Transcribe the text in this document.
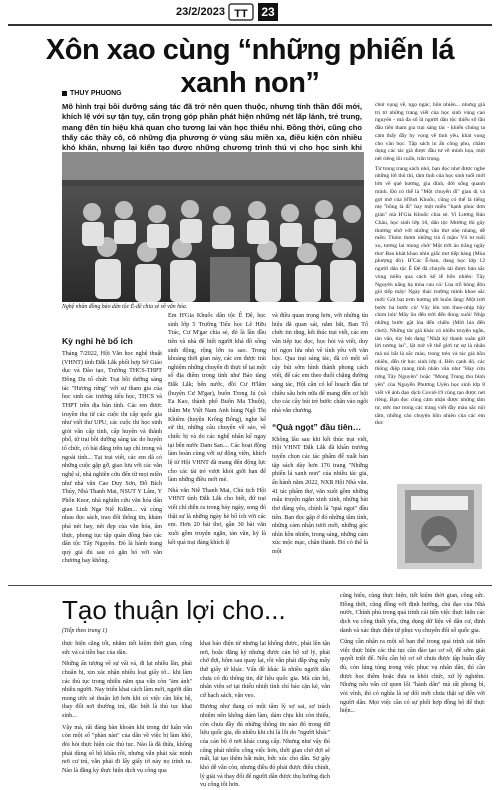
23/2/2023 TT 23
Xôn xao cùng “những phiến lá xanh non”
THUY PHUONG
Mô hình trại bồi dưỡng sáng tác đã trở nên quen thuộc, nhưng tính thần đổi mới, khích lệ với sự tận tụy, cẩn trọng góp phần phát hiện những nét lấp lánh, trẻ trung, mang đến tín hiệu khả quan cho tương lai văn học thiếu nhi. Đồng thời, cũng cho thấy các thầy cô, cô những địa phương ở vùng sâu miền xa, điều kiện còn nhiều khó khăn, nhưng lại kiến tạo được những chương trình thú vị cho học sinh khi
Nghệ nhân đồng bào dân tộc Ê-đê chia sẻ về văn hóa.
Kỳ nghỉ hè bổ ích
Tháng 7/2022, Hội Văn học nghệ thuật (VHNT) tỉnh Đắk Lắk phối hợp Sở Giáo dục và Đào tạo, Trường THCS-THPT Đông Du tổ chức Trại bồi dưỡng sáng tác "Hương rừng" với sự tham gia của học sinh các trường tiểu học, THCS và THPT trên địa bàn tỉnh. Các em được truyền thụ từ các cuộc thi cấp quốc gia như viết thư UPU, các cuộc thi học sinh giỏi văn cấp tỉnh, cấp huyện và thành phố, từ trại bồi dưỡng sáng tác do huyện tổ chức, có bài đăng trên tạp chí trong và ngoài tỉnh... Tại trại viết, các em đã có những cuộc gặp gỡ, giao lưu với các văn nghệ sĩ, nhà nghiên cứu đến từ mọi miền như nhà văn Cao Duy Sơn, Đỗ Bích Thúy, Nhà Thanh Mai, NSUT Y Lâm, Y Phôn Knor, nhà nghiên cứu văn hóa dân gian Linh Nga Niê Kdăm... và cùng nhau đọc sách, trao đổi thông tin, khám phá nét hay, nét đẹp của văn hóa, âm thực, phong tục tập quán đồng bào các dân tộc Tây Nguyên. Đó là hành trang quý giá đủ sau có gắn bó với văn chương hay không.
Em H'Gia Khuốc dân tộc Ê Đê, học sinh lớp 5 Trường Tiểu học Lê Hữu Trác, Cư M'gar chia sẻ, đó là lần đầu tiên và nhà để biết người khá đồ sống sinh động, rộng lớn ra sao. Trong khoảng thời gian này, các em được trải nghiệm những chuyến đi thực tế tại một số địa điểm trong tỉnh như Bảo tàng Đắk Lắk; bến nước, đồi Cư H'lăm (huyện Cư M'gar), buôn Trong Jú (xã Ea Kao, thành phố Buôn Ma Thuột), thăm Mẹ Việt Nam Anh hùng Ngô Thị Khiêm (huyện Krông Bông), nghe kể sử thi, những câu chuyện về sáo, về chiếc bị và do các nghệ nhân kể ngay tại bến nước Dam San.... Các hoạt động làm hoàn cùng với sự động viên, khích lệ từ Hội VHNT đã mang đến động lực cho các tài trẻ vượt khỏi giới hạn để làm những điều mới mẻ.
Nhà văn Niê Thanh Mai, Chủ tịch Hội VHNT tỉnh Đắk Lắk cho biết, đứ trại viết chỉ diễn ra trong bảy ngày, song đó thật sự là những ngày hè bổ ích với các em. Hơn 20 bài thơ, gần 30 bài văn xuôi gồm truyện ngắn, tản văn, ký là kết quả trại đáng khích lệ
và điều quan trọng hơn, với những tín hiệu đã quan sát, nắm bắt, Ban Tổ chức tin rằng, kết thúc trại viết, các em vẫn tiếp tục đọc, học hỏi và viết, duy trì ngọn lửa nhỏ về tình yêu với văn học. Qua trại sáng tác, đã có một số cây bút sớm hình thành phong cách viết, để các em theo đuổi chặng đường sáng tác, Hội cần có kế hoạch đầu tư chiều sâu hơn nữa để mang đến cơ hội cho các cây bút trẻ bước chân vào ngôi nhà văn chương.
“Quả ngọt” đầu tiên…
Không lâu sau khi kết thúc trại viết, Hội VHNT Đắk Lắk đã khẩn trương tuyển chọn các tác phẩm để xuất bản tập sách dày hơn 176 trang "Những phiến lá xanh non" của nhiều tác giả, ấn hành năm 2022, NXB Hội Nhà văn. 41 tác phẩm thơ, văn xuôi gồm những mẫu truyện ngắn xinh xinh, những bài thơ đáng yêu, chính là "quả ngọt" đầu tiên. Bạn đọc gặp ở đó những tâm tình, những cảm nhận tươi mới, những góc nhìn hồn nhiên, trong sáng, những cảm xúc mộc mạc, chân thành. Đó có thể là một
chút vụng về, ngọ ngác, hồn nhiên... nhưng giá trị từ những trang viết của học sinh vùng cao nguyên - mà đa số là người dân tộc thiểu số lần đầu tiên tham gia trại sáng tác - khiến chúng ta cảm thấy đầy hy vọng về tình yêu, khát vọng cho văn học. Tập sách in ấn công phu, chăm dụng các tác giả được đầu tư về minh họa, một nét riêng lôi cuốn, trân trọng.
Từ trong trang sách nhỏ, bạn đọc như được nghe những lời thủ thỉ, tâm tình của học sinh tuổi mới lớn về quê hương, gia đình, đời sống quanh mình. Đó có thể là "Một chuyến đi" gian dị và gợi mở của H'Bưi Khuốc, cũng có thể là tiếng mẹ "bồng là đi" hay một miền "hạnh phúc đơn giản" mà H'Gia Khuốc chia sẻ. Vi Lương Bảo Châu, học sinh lớp 10, dân tộc Mường thì gây thương nhớ với những vần thơ nhẹ nhàng, dễ mến: Thôm thơm những trá ố mặn/ Vô tư tuổi xu, tương lai mong chờ/ Một trời áo trắng ngây thơ/ Bao khát khao nhìn giấc mơ tiếp hàng (Mùa phượng đỏ). H'Cúc Ê-ban, đang học lớp 12 người dân tộc Ê Đê đã chuyển tải được bản sắc vùng miền qua cách kể lể bốn nhiên: Tây Nguyên nắng hạ mùa cau có/ Lúa trổ bông đòn gió tiếp mây/ Ngày thác trường mình khoe sắc mới/ Gót bạt trơn hương tới buôn làng/ Một trời bước ba bước cỏ/ Vây lên tơn thuo-nhịp bầy chim hót/ Mây ồn đến trời đến đong xuôi/ Nhịp những bước gặt lúa đến chiều (Mời lúa đến chơi). Những tác giả khác có nhiều truyện ngắn, tản văn, tùy bút đang "Nhặt ký thanh xuân giữ lời tương lai", lật mở về thế giới tự sự là nhân mà nó bắt là sắc màu, trong trẻo và tác giả hồn nhiên, đến từ học sinh lớp 4. Bên cạnh đó, các thông điệp mang tính nhân văn như "Hay cứu rừng Tây Nguyên" hoặc "Mong Trung thu bình yên" của Nguyễn Phương Uyên học sinh lớp 8 viết về ánh đạo dịch Covid-19 cũng tạo được nét riêng. Bạn đọc cũng cảm nhận được những tâm tư, ước mơ trong các trang viết đầy màu sắc nội tâm, những câu chuyện hồn nhiên của các em thơ.
Tạo thuận lợi cho...
(Tiếp theo trang 1)
thực hiện căng tốt, nhằm tiết kiệm thời gian, công sức và cả tiền bạc của dân.
Những ấn tượng về sự vất vả, đi lại nhiều lần, phải chuẩn bị, xin xác nhận nhiều loại giấy tờ... khi làm các thủ tục trong nhiều năm qua vẫn còn "ám ảnh" nhiều người. Nay triển khai cách làm mới, người dân mong ước sẽ thuận lợi hơn khi có việc cần liên hệ, thay đổi nơi thường trú, đặc biệt là thủ tục khai sinh...
Vậy mà, rất đáng bàn khoản khi trong dư luận vẫn còn một số "phàn nàn" của dân về việc bị làm khó, đòi hỏi thực hiện các thủ tục. Nào là đã thừa, không phải dùng số hộ khẩu rồi, nhưng vẫn phải xác minh nơi cư trú, vẫn phải đi lấy giấy tờ này nọ trình ra. Nào là đăng ký thực hiện dịch vụ công qua
khai báo điện tử nhưng lại không được, phải lên tận nơi, hoặc đăng ký nhưng được cán bộ xử lý, phải chờ đợi, hôm sau quay lại, rồi vẫn phải đắp ứng mấy thứ giấy tờ khác. Vấn đề khác là nhiều người dân chưa có đủ thông tin, dữ liệu quốc gia. Mà cán bộ, nhân viên sơ tại thiếu nhiệt tình chỉ bảo cặn kẽ, vẫn cứ hạch sách, vặn vẹo.
Đương như đang có một tâm lý sợ sai, sợ trách nhiệm nên không dám làm, dám chịu khi còn thiếu, còn chưa đầy đủ những thông tin nào đó trong dữ liệu quốc gia, dù nhiều khi chỉ là lỗi do "người khác" của cán bộ ở nơi khác cung cấp. Nhưng như vậy thì cũng phải nhiều công việc hơn, thời gian chờ đợi sẽ mất, lại tạo thêm bất mãn, bức xúc cho dân. Sự gây khó dễ vẫn còn, nhưng điều đó phải được điều chỉnh, lý giải và thay đổi để người dân được thụ hưởng dịch vụ công tốt hơn.
cũng hiểu, cùng thực hiện, tiết kiệm thời gian, công sức. Đồng thời, cũng đồng với định hướng, chủ đạo của Nhà nước, Chính phủ trong quá trình cải tiến việc thực hiện các dịch vụ công thiết yếu, ứng dụng dữ liệu về dân cư, định danh và xác thực điện tử phục vụ chuyển đổi số quốc gia.
Cũng cần nhận ra một số bạn thể trong quá trình cải tiến việc thực hiện các thủ tục cần đào tạo cơ sở, để sớm giải quyết triệt để. Nếu cần bộ cơ sở chưa được tập huấn đầy đủ, còn lúng túng trong việc phục vụ nhân dân, thì cần được học thêm hoặc đưa ra khỏi chức, xử lý nghiêm. Nhưng nếu vấn cứ quen lối "hành dân" mà rất phong bì, vòi vĩnh, thì có nghĩa là sự đổi mới chưa thật sự đến với người dân. Mọi việc cần có sự phối hợp đồng bộ để thực hiện...
